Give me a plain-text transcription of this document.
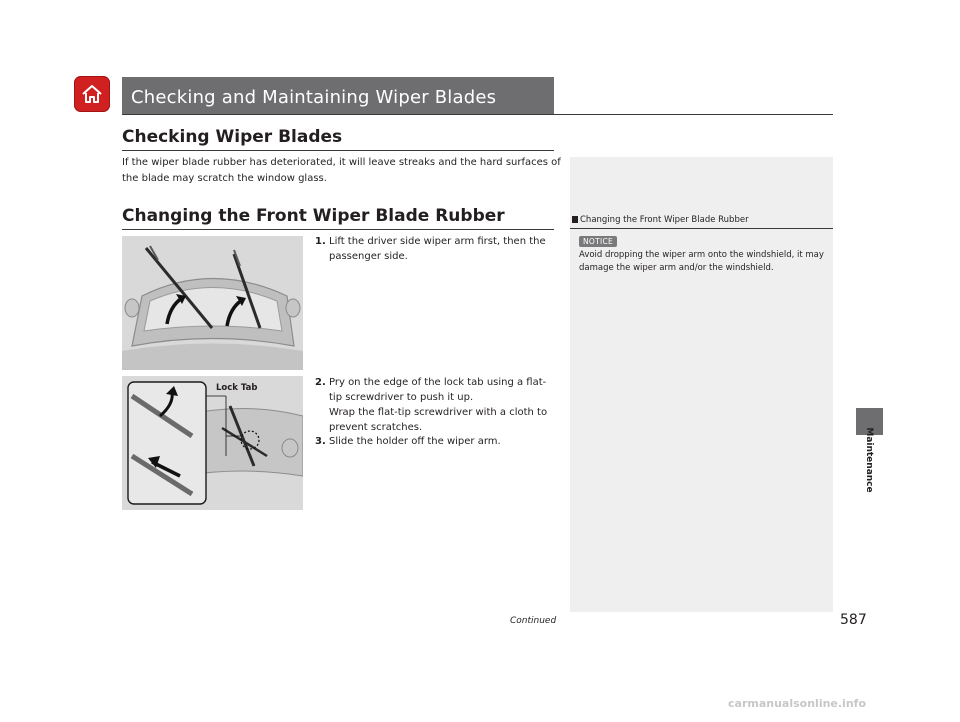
Checking and Maintaining Wiper Blades
Checking Wiper Blades
If the wiper blade rubber has deteriorated, it will leave streaks and the hard surfaces of the blade may scratch the window glass.
Changing the Front Wiper Blade Rubber
1. Lift the driver side wiper arm first, then the passenger side.
Lock Tab	2. Pry on the edge of the lock tab using a flat-tip screwdriver to push it up.
Wrap the flat-tip screwdriver with a cloth to prevent scratches.
3. Slide the holder off the wiper arm.
Changing the Front Wiper Blade Rubber
NOTICE
Avoid dropping the wiper arm onto the windshield, it may damage the wiper arm and/or the windshield.
Maintenance
Continued	587
carmanualsonline.info
